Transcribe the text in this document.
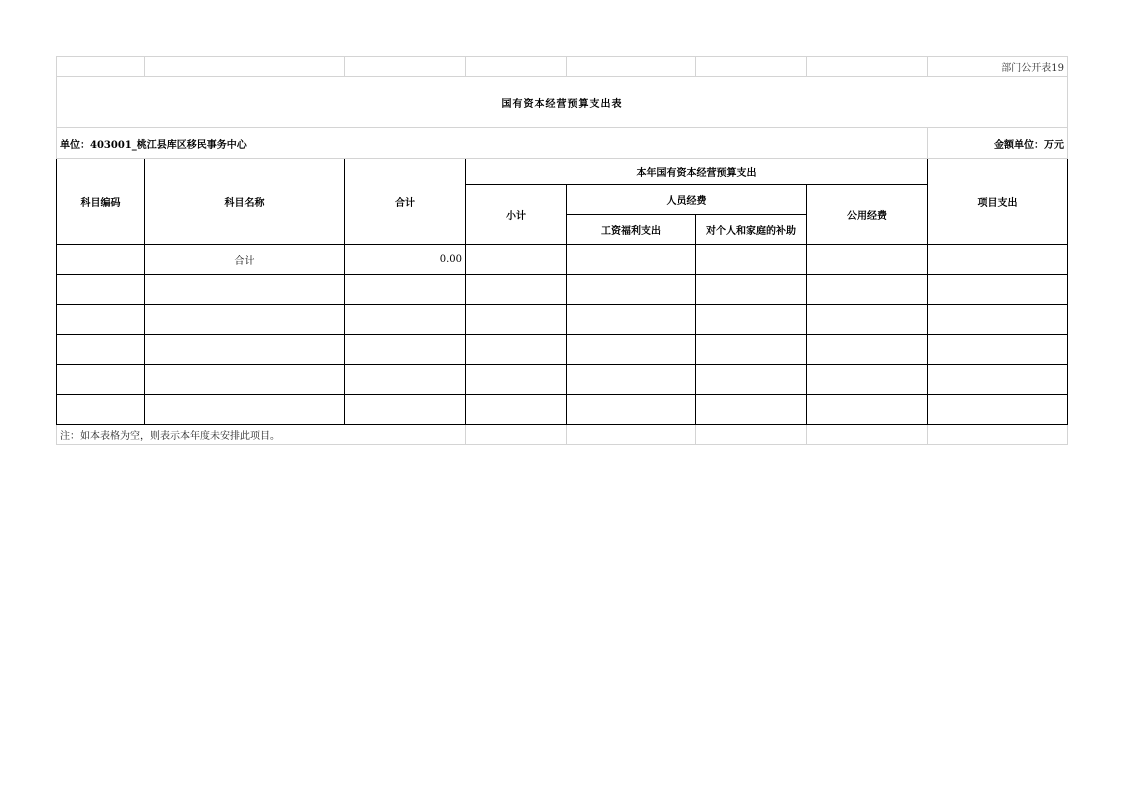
							部门公开表19
国有资本经营预算支出表							
单位：403001_桃江县库区移民事务中心							金额单位：万元
科目编码	科目名称	合计	本年国有资本经营预算支出				项目支出
			小计	人员经费		公用经费	
				工资福利支出	对个人和家庭的补助		
	合计	0.00					

注：如本表格为空，则表示本年度未安排此项目。							
